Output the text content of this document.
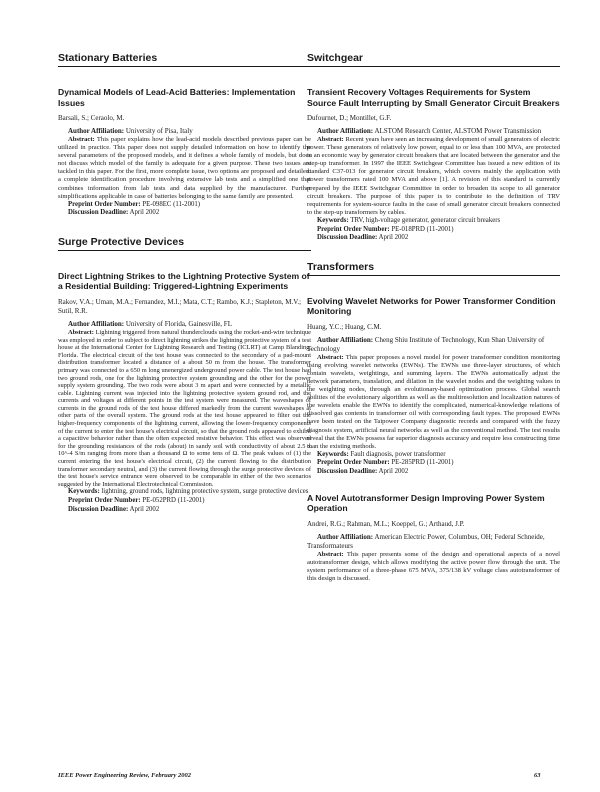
Stationary Batteries
Dynamical Models of Lead-Acid Batteries: Implementation Issues
Barsali, S.; Ceraolo, M.
Author Affiliation: University of Pisa, Italy
Abstract: This paper explains how the lead-acid models described previous paper can be utilized in practice. This paper does not supply detailed information on how to identify the several parameters of the proposed models, and it defines a whole family of models, but does not discuss which model of the family is adequate for a given purpose. These two issues are tackled in this paper. For the first, more complete issue, two options are proposed and detailed: a complete identification procedure involving extensive lab tests and a simplified one that combines information from lab tests and data supplied by the manufacturer. Further simplifications applicable in case of batteries belonging to the same family are presented.
Preprint Order Number: PE-098EC (11-2001)
Discussion Deadline: April 2002
Surge Protective Devices
Direct Lightning Strikes to the Lightning Protective System of a Residential Building: Triggered-Lightning Experiments
Rakov, V.A.; Uman, M.A.; Fernandez, M.I.; Mata, C.T.; Rambo, K.J.; Stapleton, M.V.; Sutil, R.R.
Author Affiliation: University of Florida, Gainesville, FL
Abstract: Lightning triggered from natural thunderclouds using the rocket-and-wire technique was employed in order to subject to direct lightning strikes the lightning protective system of a test house at the International Center for Lightning Research and Testing (ICLRT) at Camp Blanding, Florida. The electrical circuit of the test house was connected to the secondary of a pad-mount distribution transformer located a distance of a about 50 m from the house. The transformer primary was connected to a 650 m long unenergized underground power cable. The test house had two ground rods, one for the lightning protective system grounding and the other for the power supply system grounding. The two rods were about 3 m apart and were connected by a metallic cable. Lightning current was injected into the lightning protective system ground rod, and the currents and voltages at different points in the test system were measured. The waveshapes of currents in the ground rods of the test house differed markedly from the current waveshapes at other parts of the overall system. The ground rods at the test house appeared to filter out the higher-frequency components of the lightning current, allowing the lower-frequency components of the current to enter the test house's electrical circuit, so that the ground rods appeared to exhibit a capacitive behavior rather than the often expected resistive behavior. This effect was observed for the grounding resistances of the rods (about) in sandy soil with conductivity of about 2.5 x 10^-4 S/m ranging from more than a thousand Ω to some tens of Ω. The peak values of (1) the current entering the test house's electrical circuit, (2) the current flowing to the distribution transformer secondary neutral, and (3) the current flowing through the surge protective devices of the test house's service entrance were observed to be comparable in either of the two scenarios suggested by the International Electrotechnical Commission.
Keywords: lightning, ground rods, lightning protective system, surge protective devices
Preprint Order Number: PE-052PRD (11-2001)
Discussion Deadline: April 2002
Switchgear
Transient Recovery Voltages Requirements for System Source Fault Interrupting by Small Generator Circuit Breakers
Dufournet, D.; Montillet, G.F.
Author Affiliation: ALSTOM Research Center, ALSTOM Power Transmission
Abstract: Recent years have seen an increasing development of small generators of electric power. These generators of relatively low power, equal to or less than 100 MVA, are protected in an economic way by generator circuit breakers that are located between the generator and the step-up transformer. In 1997 the IEEE Switchgear Committee has issued a new edition of its standard C37-013 for generator circuit breakers, which covers mainly the application with power transformers rated 100 MVA and above [1]. A revision of this standard is currently prepared by the IEEE Switchgear Committee in order to broaden its scope to all generator circuit breakers. The purpose of this paper is to contribute to the definition of TRV requirements for system-source faults in the case of small generator circuit breakers connected to the step-up transformers by cables.
Keywords: TRV, high-voltage generator, generator circuit breakers
Preprint Order Number: PE-018PRD (11-2001)
Discussion Deadline: April 2002
Transformers
Evolving Wavelet Networks for Power Transformer Condition Monitoring
Huang, Y.C.; Huang, C.M.
Author Affiliation: Cheng Shiu Institute of Technology, Kun Shan University of Technology
Abstract: This paper proposes a novel model for power transformer condition monitoring using evolving wavelet networks (EWNs). The EWNs use three-layer structures, of which contain wavelets, weightings, and summing layers. The EWNs automatically adjust the network parameters, translation, and dilation in the wavelet nodes and the weighting values in the weighting nodes, through an evolutionary-based optimization process. Global search abilities of the evolutionary algorithm as well as the multiresolution and localization natures of the wavelets enable the EWNs to identify the complicated, numerical-knowledge relations of dissolved gas contents in transformer oil with corresponding fault types. The proposed EWNs have been tested on the Taipower Company diagnostic records and compared with the fuzzy diagnosis system, artificial neural networks as well as the conventional method. The test results reveal that the EWNs possess far superior diagnosis accuracy and require less constructing time than the existing methods.
Keywords: Fault diagnosis, power transformer
Preprint Order Number: PE-285PRD (11-2001)
Discussion Deadline: April 2002
A Novel Autotransformer Design Improving Power System Operation
Andrei, R.G.; Rahman, M.L.; Koeppel, G.; Arthaud, J.P.
Author Affiliation: American Electric Power, Columbus, OH; Federal Schneide, Transformateurs
Abstract: This paper presents some of the design and operational aspects of a novel autotransformer design, which allows modifying the active power flow through the unit. The system performance of a three-phase 675 MVA, 375/138 kV voltage class autotransformer of this design is discussed.
IEEE Power Engineering Review, February 2002	63
